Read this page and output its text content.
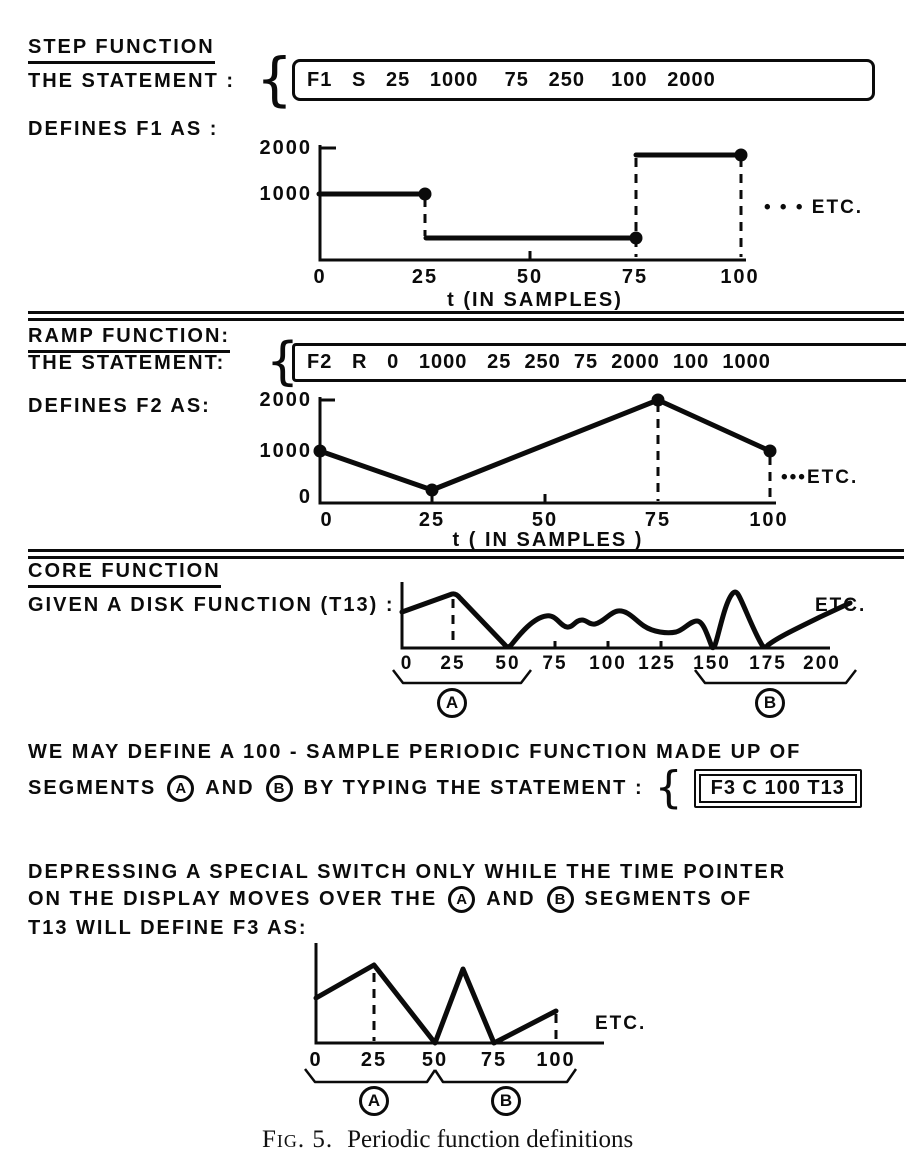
STEP FUNCTION
THE STATEMENT : { F1   S   25   1000    75   250    100   2000
DEFINES F1 AS :
2000
1000
0	25	50	75	100
t (IN SAMPLES)
• • • ETC.
RAMP FUNCTION:
THE STATEMENT: { F2   R   0   1000   25  250  75  2000  100  1000
DEFINES F2 AS:	2000
1000
0
0	25	50	75	100
t ( IN SAMPLES )
•••ETC.
CORE FUNCTION
GIVEN A DISK FUNCTION (T13) :
0 25 50 75 100 125 150 175 200
A	B
ETC.
WE MAY DEFINE A 100 - SAMPLE PERIODIC FUNCTION MADE UP OF
SEGMENTS	A AND	B BY TYPING THE STATEMENT : { F3 C 100 T13
DEPRESSING A SPECIAL SWITCH ONLY WHILE THE TIME POINTER
ON THE DISPLAY MOVES OVER THE	A AND	B SEGMENTS OF
T13 WILL DEFINE F3 AS:
0 25 50 75 100
A	B
ETC.
Fig. 5. Periodic function definitions
